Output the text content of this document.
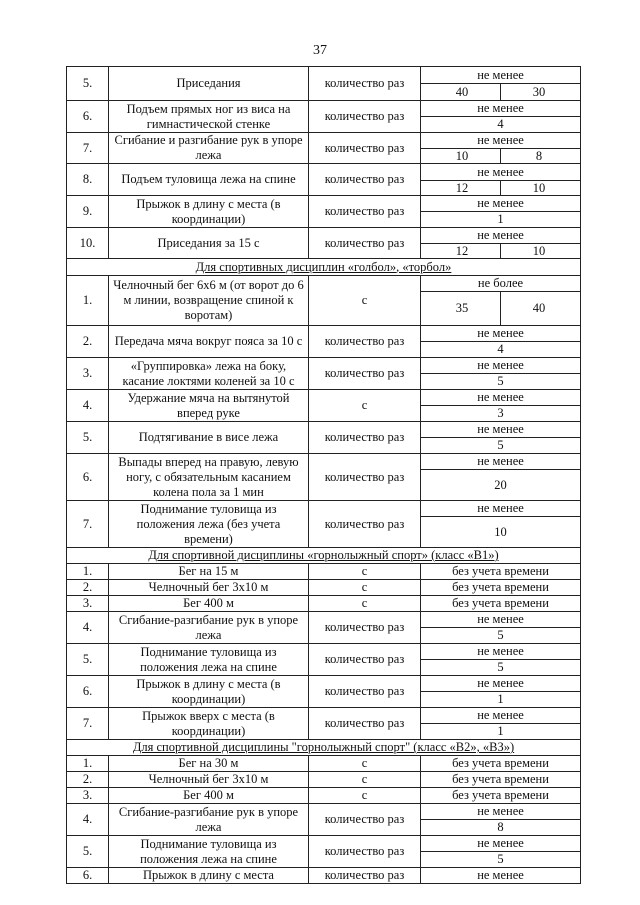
37
5.	Приседания	количество раз	не менее

			40 30

6.	Подъем прямых ног из виса на гимнастической стенке	количество раз	не менее
			4
7.	Сгибание и разгибание рук в упоре лежа	количество раз	не менее

			10 8

8.	Подъем туловища лежа на спине	количество раз	не менее

			12 10

9.	Прыжок в длину с места (в координации)	количество раз	не менее
			1
10.	Приседания за 15 с	количество раз	не менее

			12 10

Для спортивных дисциплин «голбол», «торбол»			
1.	Челночный бег 6x6 м (от ворот до 6 м линии, возвращение спиной к воротам)	с	не более

			35 40

2.	Передача мяча вокруг пояса за 10 с	количество раз	не менее
			4
3.	«Группировка» лежа на боку, касание локтями коленей за 10 с	количество раз	не менее
			5
4.	Удержание мяча на вытянутой вперед руке	с	не менее
			3
5.	Подтягивание в висе лежа	количество раз	не менее
			5
6.	Выпады вперед на правую, левую ногу, с обязательным касанием колена пола за 1 мин	количество раз	не менее
			20
7.	Поднимание туловища из положения лежа (без учета времени)	количество раз	не менее
			10
Для спортивной дисциплины «горнолыжный спорт» (класс «В1»)			
1.	Бег на 15 м	с	без учета времени
2.	Челночный бег 3x10 м	с	без учета времени
3.	Бег 400 м	с	без учета времени
4.	Сгибание-разгибание рук в упоре лежа	количество раз	не менее
			5
5.	Поднимание туловища из положения лежа на спине	количество раз	не менее
			5
6.	Прыжок в длину с места (в координации)	количество раз	не менее
			1
7.	Прыжок вверх с места (в координации)	количество раз	не менее
			1
Для спортивной дисциплины "горнолыжный спорт" (класс «В2», «ВЗ»)			
1.	Бег на 30 м	с	без учета времени
2.	Челночный бег 3x10 м	с	без учета времени
3.	Бег 400 м	с	без учета времени
4.	Сгибание-разгибание рук в упоре лежа	количество раз	не менее
			8
5.	Поднимание туловища из положения лежа на спине	количество раз	не менее
			5
6.	Прыжок в длину с места	количество раз	не менее
